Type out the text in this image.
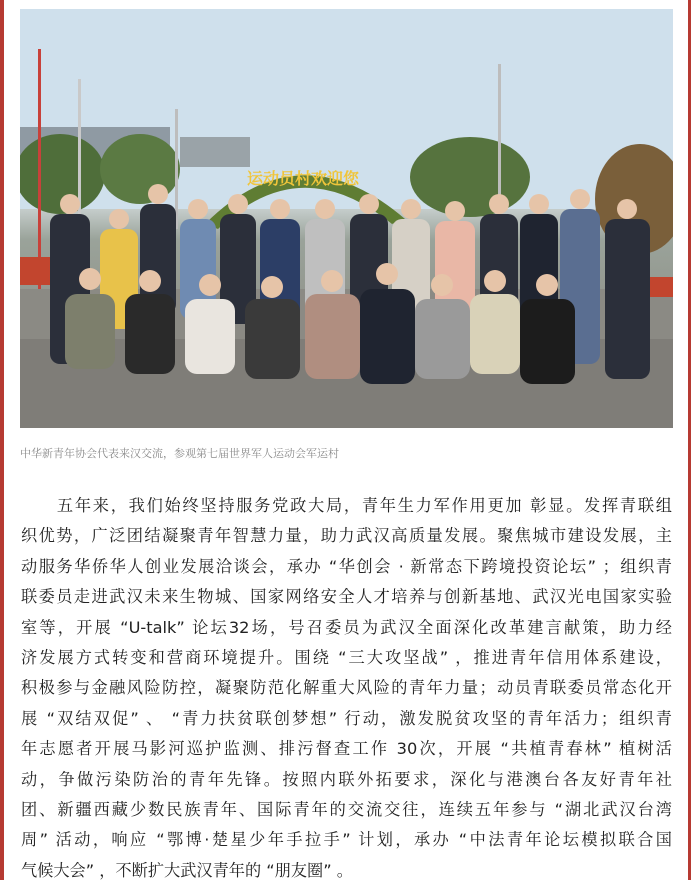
运动员村欢迎您
中华新青年协会代表来汉交流，参观第七届世界军人运动会军运村
　　五年来，我们始终坚持服务党政大局，青年生力军作用更加 彰显。发挥青联组
织优势，广泛团结凝聚青年智慧力量，助力武汉高质量发展。聚焦城市建设发展，主
动服务华侨华人创业发展洽谈会，承办 “华创会 · 新常态下跨境投资论坛” ；组织青
联委员走进武汉未来生物城、国家网络安全人才培养与创新基地、武汉光电国家实验
室等，开展 “U-talk” 论坛32场，号召委员为武汉全面深化改革建言献策，助力经
济发展方式转变和营商环境提升。围绕 “三大攻坚战” ，推进青年信用体系建设，
积极参与金融风险防控，凝聚防范化解重大风险的青年力量；动员青联委员常态化开
展 “双结双促” 、 “青力扶贫联创梦想” 行动，激发脱贫攻坚的青年活力；组织青
年志愿者开展马影河巡护监测、排污督查工作 30次，开展 “共植青春林” 植树活
动，争做污染防治的青年先锋。按照内联外拓要求，深化与港澳台各友好青年社
团、新疆西藏少数民族青年、国际青年的交流交往，连续五年参与 “湖北武汉台湾
周” 活动，响应 “鄂博·楚星少年手拉手” 计划，承办 “中法青年论坛模拟联合国
气候大会” ，不断扩大武汉青年的 “朋友圈” 。
